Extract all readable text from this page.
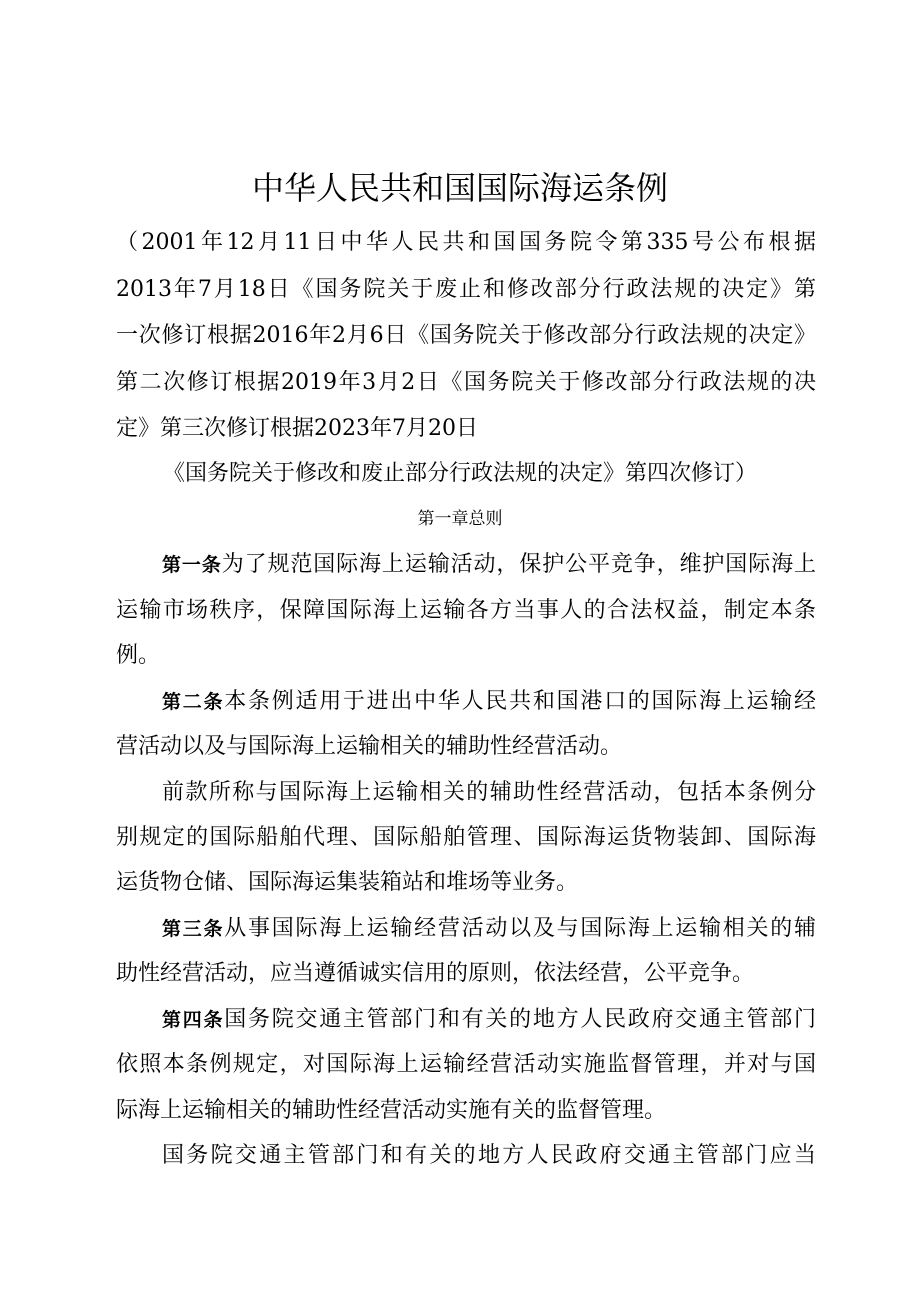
中华人民共和国国际海运条例
（2001年12月11日中华人民共和国国务院令第335号公布根据
2013年7月18日《国务院关于废止和修改部分行政法规的决定》第
一次修订根据2016年2月6日《国务院关于修改部分行政法规的决定》
第二次修订根据2019年3月2日《国务院关于修改部分行政法规的决
定》第三次修订根据2023年7月20日
《国务院关于修改和废止部分行政法规的决定》第四次修订）
第一章总则
第一条为了规范国际海上运输活动，保护公平竞争，维护国际海上
运输市场秩序，保障国际海上运输各方当事人的合法权益，制定本条
例。
第二条本条例适用于进出中华人民共和国港口的国际海上运输经
营活动以及与国际海上运输相关的辅助性经营活动。
前款所称与国际海上运输相关的辅助性经营活动，包括本条例分
别规定的国际船舶代理、国际船舶管理、国际海运货物装卸、国际海
运货物仓储、国际海运集装箱站和堆场等业务。
第三条从事国际海上运输经营活动以及与国际海上运输相关的辅
助性经营活动，应当遵循诚实信用的原则，依法经营，公平竞争。
第四条国务院交通主管部门和有关的地方人民政府交通主管部门
依照本条例规定，对国际海上运输经营活动实施监督管理，并对与国
际海上运输相关的辅助性经营活动实施有关的监督管理。
国务院交通主管部门和有关的地方人民政府交通主管部门应当
